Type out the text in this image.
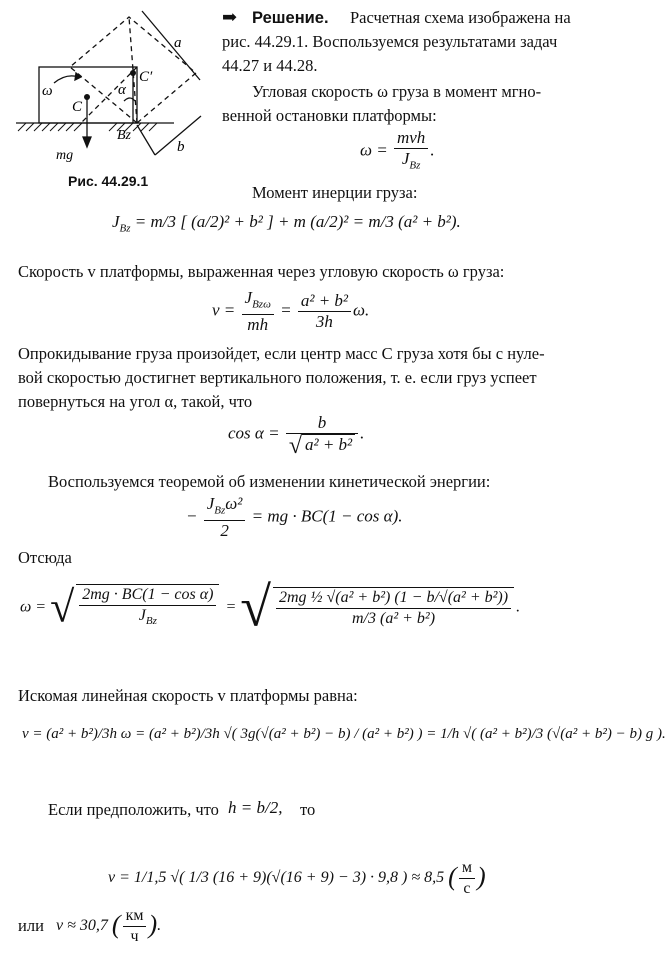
a
b
ω
C
C′
α
Bz
mg
Рис. 44.29.1
➡ Решение. Расчетная схема изображена на
рис. 44.29.1. Воспользуемся результатами задач
44.27 и 44.28.
Угловая скорость ω груза в момент мгно-
венной остановки платформы:
$\omega = \frac{\text{mvh}}{J_{Bz}}$ .
Момент инерции груза:
$J_{Bz} = m/3$ [ (a/2)² + b² ] + m (a/2)² = m/3 (a² + b²).
Скорость v платформы, выраженная через угловую скорость ω груза:
$v = \frac{J_{Bz\omega}}{mh} = \frac{\text{a² + b²}}{3h} \omega$.
Опрокидывание груза произойдет, если центр масс C груза хотя бы с нуле-
вой скоростью достигнет вертикального положения, т. е. если груз успеет
повернуться на угол α, такой, что
$\cos \alpha = \frac{b}{\text{√ a² + b²}}$ .
Воспользуемся теоремой об изменении кинетической энергии:
− $\frac{J_{Bz}\omega^2}{2}$ = mg · BC(1 − cos α).
Отсюда
ω = √ $\frac{\text{2mg · BC(1 − cos α)}}{J_{Bz}}$ = √ $\frac{\text{2mg ½ √(a² + b²) (1 − b/√(a² + b²))}}{\text{m/3 (a² + b²)}}$ .
Искомая линейная скорость v платформы равна:
v = (a² + b²)/3h ω = (a² + b²)/3h √( 3g(√(a² + b²) − b) / (a² + b²) ) = 1/h √( (a² + b²)/3 (√(a² + b²) − b) g ).
Если предположить, что h = b/2, то
v = 1/1,5 √( 1/3 (16 + 9)(√(16 + 9) − 3) · 9,8 ) ≈ 8,5 ( $\frac{м}{с}$ )
или v ≈ 30,7 ( $\frac{км}{ч}$ ).
